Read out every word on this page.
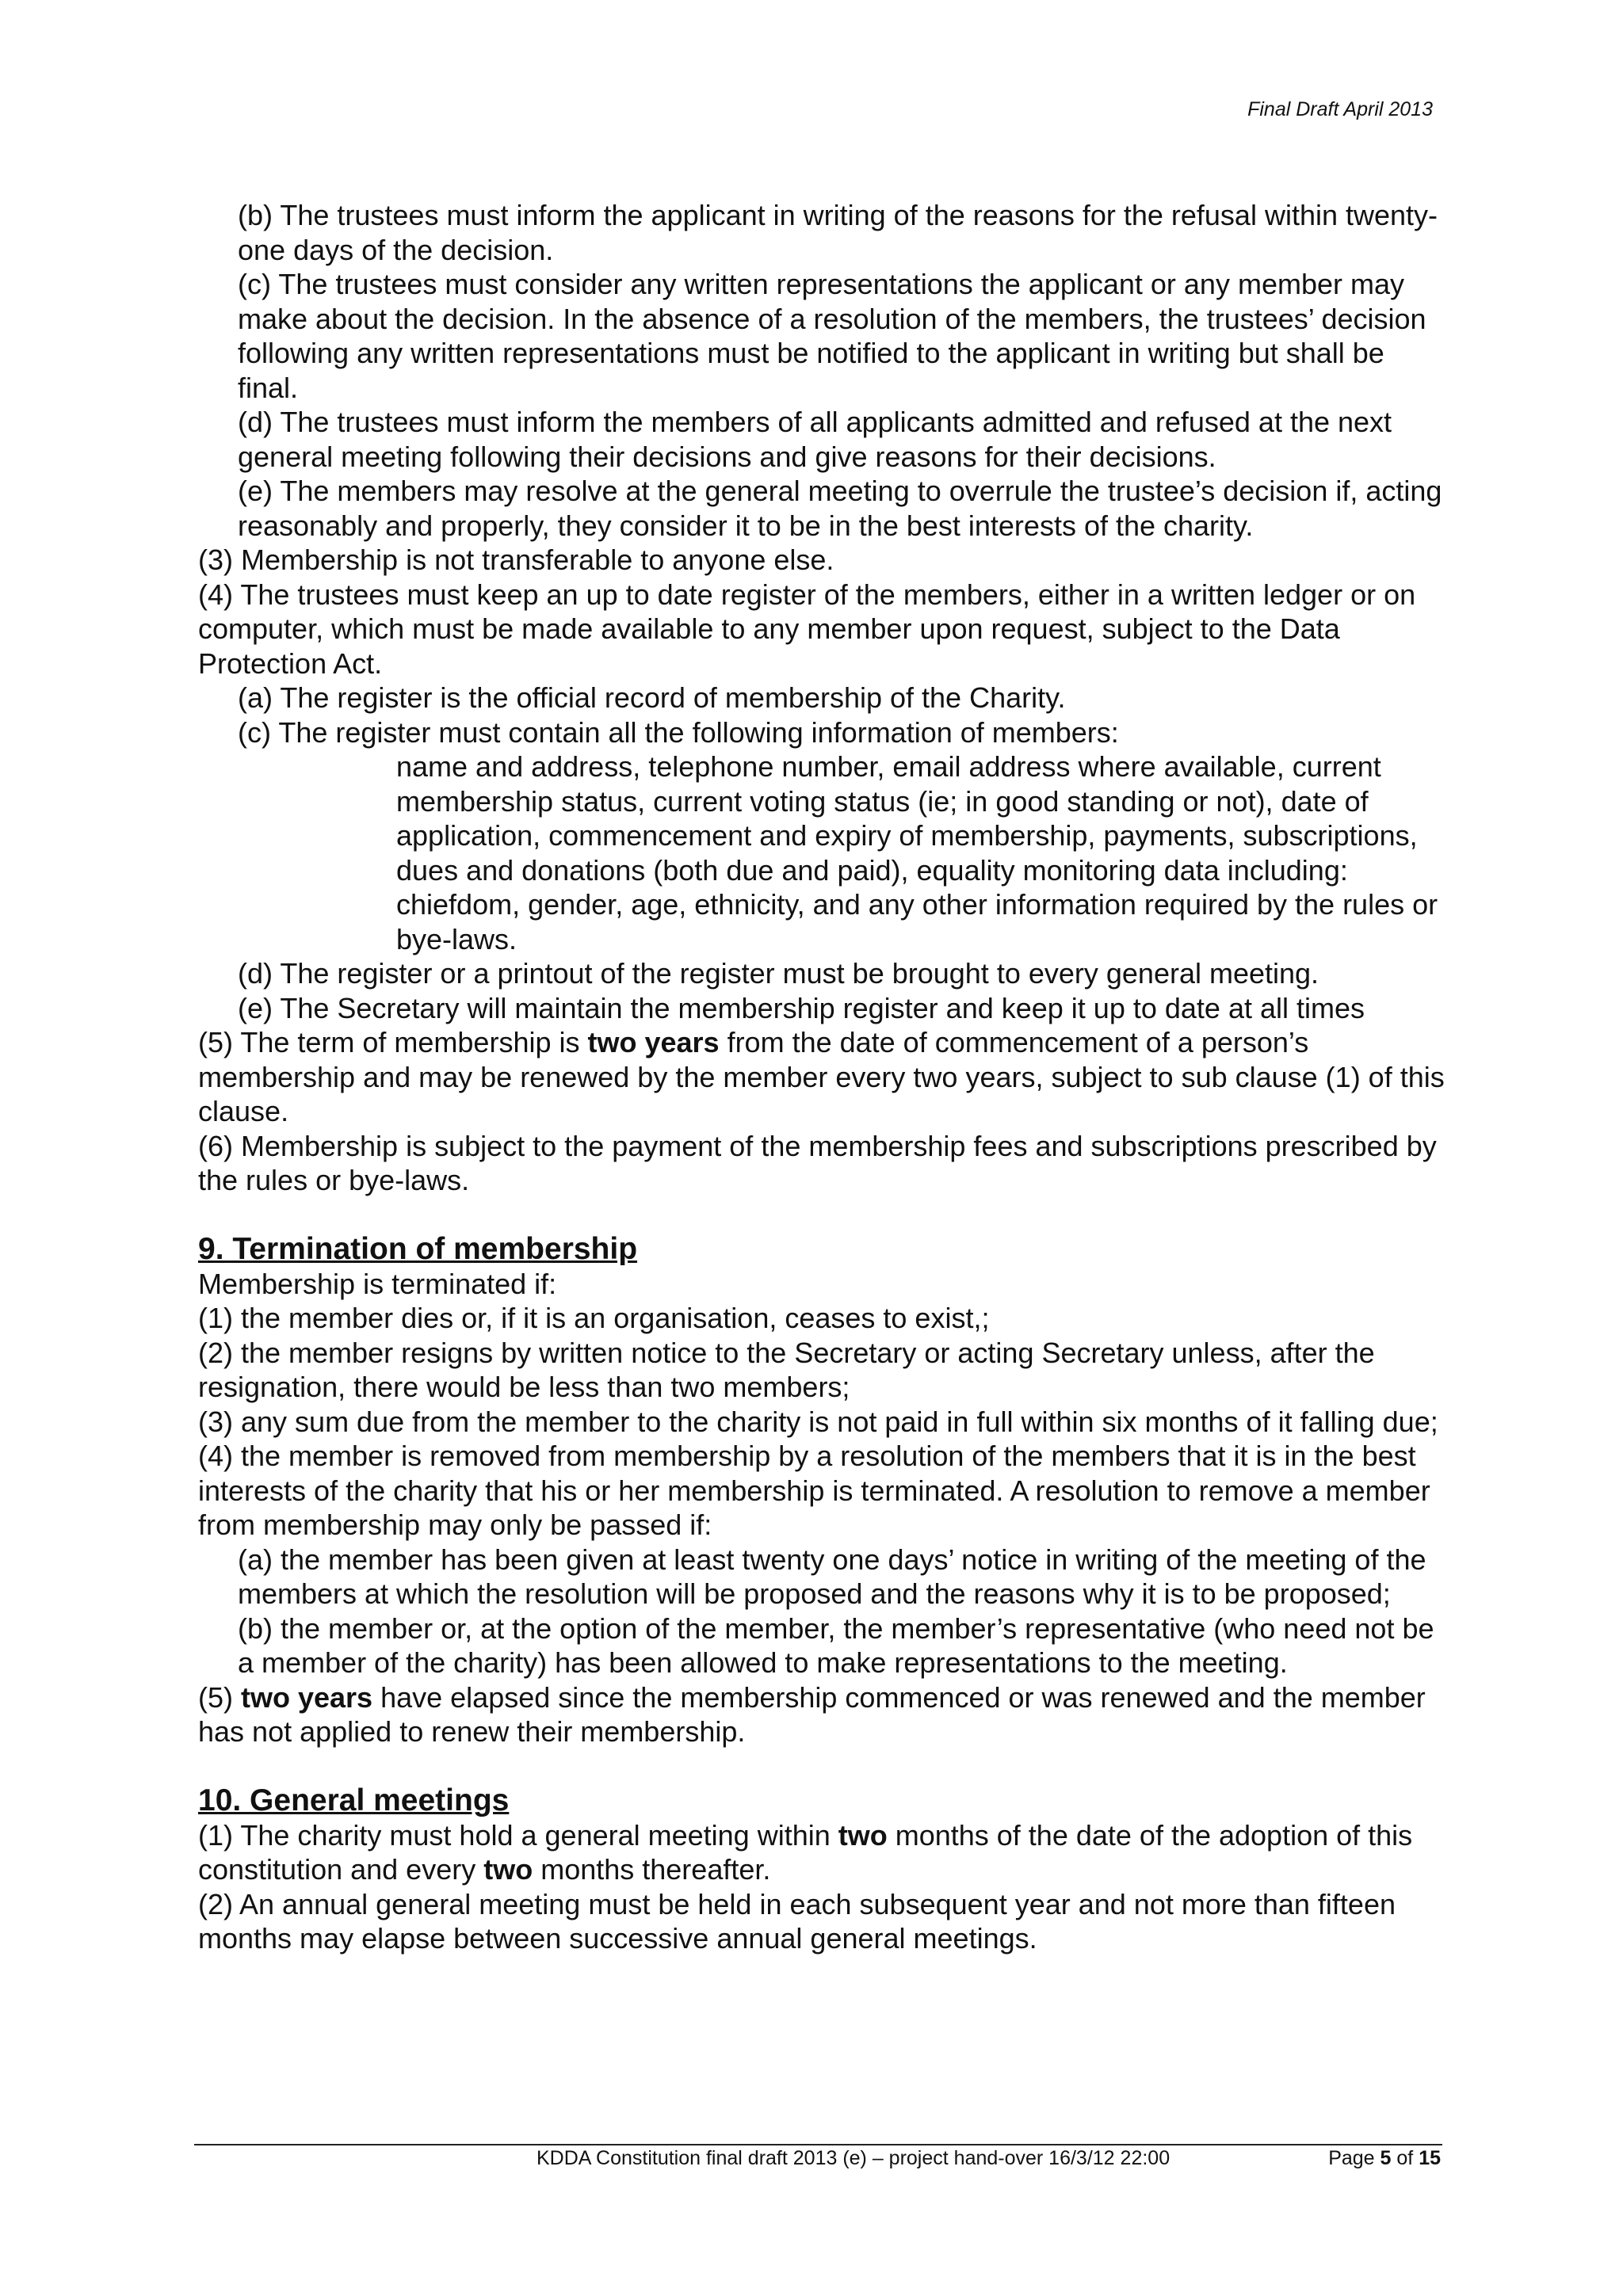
Final Draft April 2013

(b) The trustees must inform the applicant in writing of the reasons for the refusal within twenty-one days of the decision.

(c) The trustees must consider any written representations the applicant or any member may make about the decision. In the absence of a resolution of the members, the trustees’ decision following any written representations must be notified to the applicant in writing but shall be final.

(d) The trustees must inform the members of all applicants admitted and refused at the next general meeting following their decisions and give reasons for their decisions.

(e) The members may resolve at the general meeting to overrule the trustee’s decision if, acting reasonably and properly, they consider it to be in the best interests of the charity.

(3) Membership is not transferable to anyone else.

(4) The trustees must keep an up to date register of the members, either in a written ledger or on computer, which must be made available to any member upon request, subject to the Data Protection Act.

(a) The register is the official record of membership of the Charity.

(c) The register must contain all the following information of members:

name and address, telephone number, email address where available, current membership status, current voting status (ie; in good standing or not), date of application, commencement and expiry of membership, payments, subscriptions, dues and donations (both due and paid), equality monitoring data including: chiefdom, gender, age, ethnicity, and any other information required by the rules or bye-laws.

(d) The register or a printout of the register must be brought to every general meeting.

(e) The Secretary will maintain the membership register and keep it up to date at all times

(5) The term of membership is two years from the date of commencement of a person’s membership and may be renewed by the member every two years, subject to sub clause (1) of this clause.

(6) Membership is subject to the payment of the membership fees and subscriptions prescribed by the rules or bye-laws.

9. Termination of membership

Membership is terminated if:

(1) the member dies or, if it is an organisation, ceases to exist,;

(2) the member resigns by written notice to the Secretary or acting Secretary unless, after the resignation, there would be less than two members;

(3) any sum due from the member to the charity is not paid in full within six months of it falling due;

(4) the member is removed from membership by a resolution of the members that it is in the best interests of the charity that his or her membership is terminated. A resolution to remove a member from membership may only be passed if:

(a) the member has been given at least twenty one days’ notice in writing of the meeting of the members at which the resolution will be proposed and the reasons why it is to be proposed;

(b) the member or, at the option of the member, the member’s representative (who need not be a member of the charity) has been allowed to make representations to the meeting.

(5) two years have elapsed since the membership commenced or was renewed and the member has not applied to renew their membership.

10. General meetings

(1) The charity must hold a general meeting within two months of the date of the adoption of this constitution and every two months thereafter.

(2) An annual general meeting must be held in each subsequent year and not more than fifteen months may elapse between successive annual general meetings.

KDDA Constitution final draft 2013 (e) – project hand-over 16/3/12 22:00	Page 5 of 15
